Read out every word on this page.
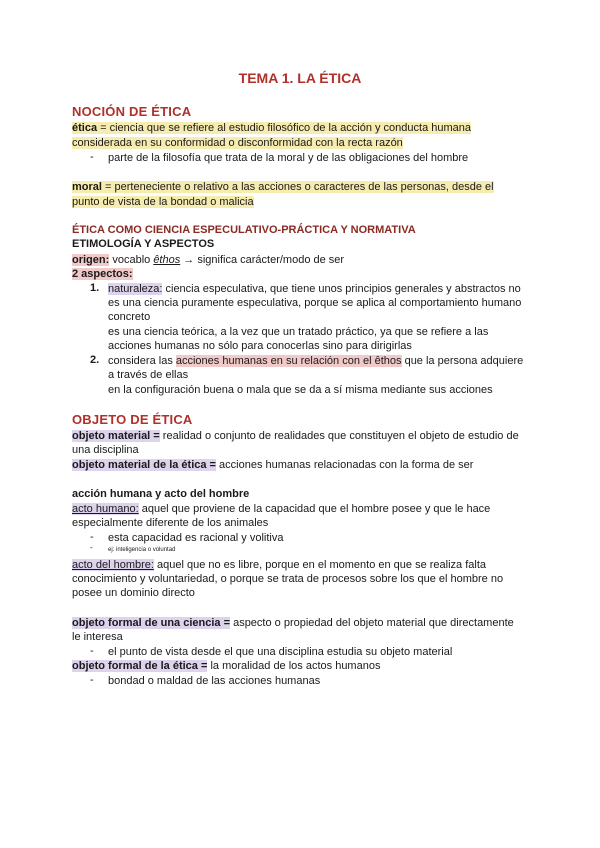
TEMA 1. LA ÉTICA
NOCIÓN DE ÉTICA
ética = ciencia que se refiere al estudio filosófico de la acción y conducta humana
considerada en su conformidad o disconformidad con la recta razón
- parte de la filosofía que trata de la moral y de las obligaciones del hombre
moral = perteneciente o relativo a las acciones o caracteres de las personas, desde el
punto de vista de la bondad o malicia
ÉTICA COMO CIENCIA ESPECULATIVO-PRÁCTICA Y NORMATIVA
ETIMOLOGÍA Y ASPECTOS
origen: vocablo êthos → significa carácter/modo de ser
2 aspectos:
1. naturaleza: ciencia especulativa, que tiene unos principios generales y abstractos no
es una ciencia puramente especulativa, porque se aplica al comportamiento humano
concreto
es una ciencia teórica, a la vez que un tratado práctico, ya que se refiere a las
acciones humanas no sólo para conocerlas sino para dirigirlas
2. considera las acciones humanas en su relación con el êthos que la persona adquiere
a través de ellas
en la configuración buena o mala que se da a sí misma mediante sus acciones
OBJETO DE ÉTICA
objeto material = realidad o conjunto de realidades que constituyen el objeto de estudio de
una disciplina
objeto material de la ética = acciones humanas relacionadas con la forma de ser
acción humana y acto del hombre
acto humano: aquel que proviene de la capacidad que el hombre posee y que le hace
especialmente diferente de los animales
- esta capacidad es racional y volitiva
-	ej: inteligencia o voluntad
acto del hombre: aquel que no es libre, porque en el momento en que se realiza falta
conocimiento y voluntariedad, o porque se trata de procesos sobre los que el hombre no
posee un dominio directo
objeto formal de una ciencia = aspecto o propiedad del objeto material que directamente
le interesa
- el punto de vista desde el que una disciplina estudia su objeto material
objeto formal de la ética = la moralidad de los actos humanos
- bondad o maldad de las acciones humanas
